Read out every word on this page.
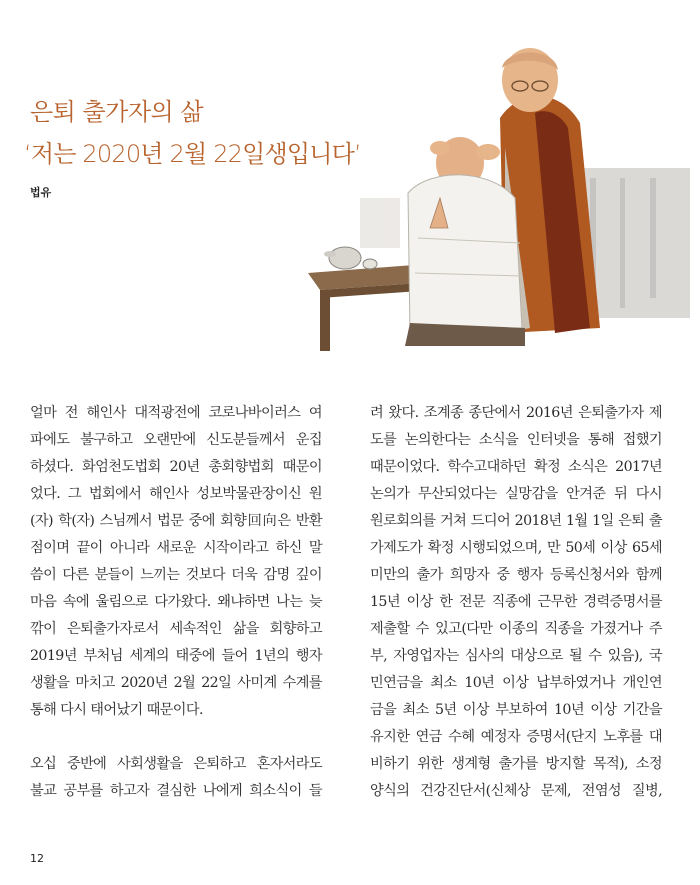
은퇴 출가자의 삶
‘저는 2020년 2월 22일생입니다’
법유
얼마 전 해인사 대적광전에 코로나바이러스 여
파에도 불구하고 오랜만에 신도분들께서 운집
하셨다. 화엄천도법회 20년 총회향법회 때문이
었다. 그 법회에서 해인사 성보박물관장이신 원
(자) 학(자) 스님께서 법문 중에 회향回向은 반환
점이며 끝이 아니라 새로운 시작이라고 하신 말
씀이 다른 분들이 느끼는 것보다 더욱 감명 깊이
마음 속에 울림으로 다가왔다. 왜냐하면 나는 늦
깎이 은퇴출가자로서 세속적인 삶을 회향하고
2019년 부처님 세계의 태중에 들어 1년의 행자
생활을 마치고 2020년 2월 22일 사미계 수계를
통해 다시 태어났기 때문이다.
오십 중반에 사회생활을 은퇴하고 혼자서라도
불교 공부를 하고자 결심한 나에게 희소식이 들
려 왔다. 조계종 종단에서 2016년 은퇴출가자 제
도를 논의한다는 소식을 인터넷을 통해 접했기
때문이었다. 학수고대하던 확정 소식은 2017년
논의가 무산되었다는 실망감을 안겨준 뒤 다시
원로회의를 거쳐 드디어 2018년 1월 1일 은퇴 출
가제도가 확정 시행되었으며, 만 50세 이상 65세
미만의 출가 희망자 중 행자 등록신청서와 함께
15년 이상 한 전문 직종에 근무한 경력증명서를
제출할 수 있고(다만 이종의 직종을 가졌거나 주
부, 자영업자는 심사의 대상으로 될 수 있음), 국
민연금을 최소 10년 이상 납부하였거나 개인연
금을 최소 5년 이상 부보하여 10년 이상 기간을
유지한 연금 수혜 예정자 증명서(단지 노후를 대
비하기 위한 생계형 출가를 방지할 목적), 소정
양식의 건강진단서(신체상 문제, 전염성 질병,
12
